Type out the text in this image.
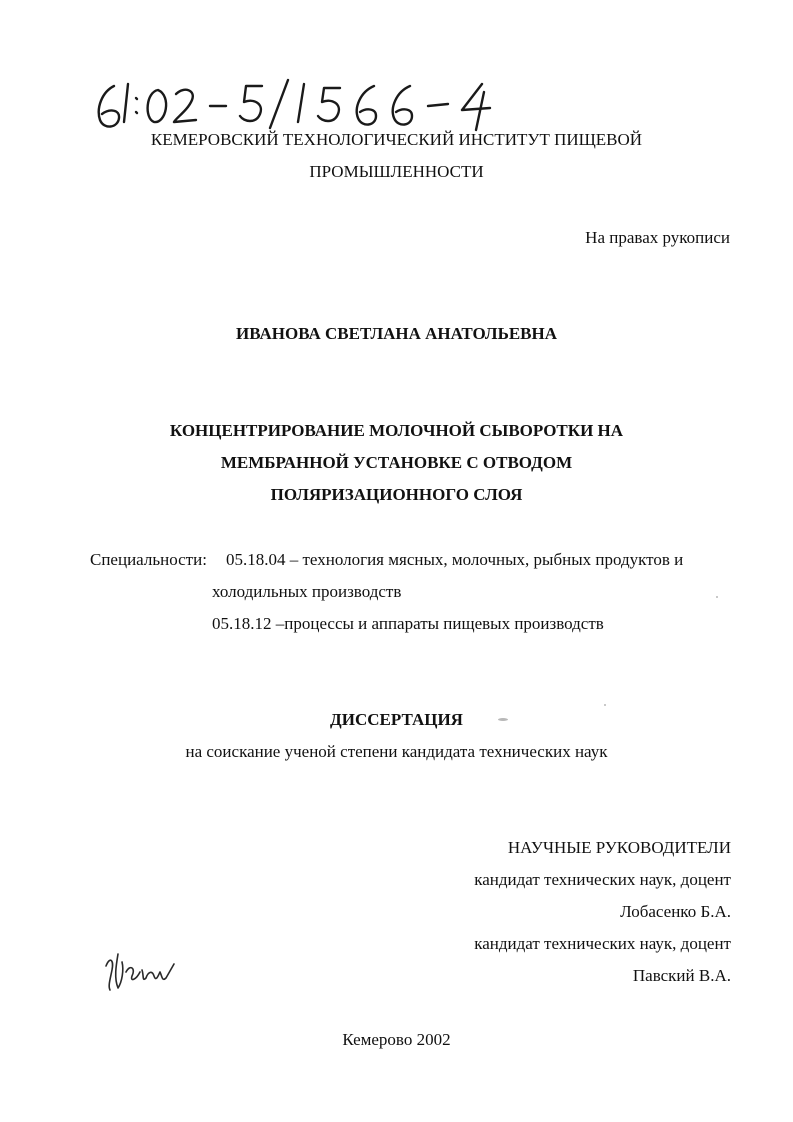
КЕМЕРОВСКИЙ ТЕХНОЛОГИЧЕСКИЙ ИНСТИТУТ ПИЩЕВОЙ
ПРОМЫШЛЕННОСТИ
На правах рукописи
ИВАНОВА СВЕТЛАНА АНАТОЛЬЕВНА
КОНЦЕНТРИРОВАНИЕ МОЛОЧНОЙ СЫВОРОТКИ НА
МЕМБРАННОЙ УСТАНОВКЕ С ОТВОДОМ
ПОЛЯРИЗАЦИОННОГО СЛОЯ
Специальности: 05.18.04 – технология мясных, молочных, рыбных продуктов и
холодильных производств
05.18.12 –процессы и аппараты пищевых производств
ДИССЕРТАЦИЯ
на соискание ученой степени кандидата технических наук
НАУЧНЫЕ РУКОВОДИТЕЛИ
кандидат технических наук, доцент
Лобасенко Б.А.
кандидат технических наук, доцент
Павский В.А.
Кемерово 2002
